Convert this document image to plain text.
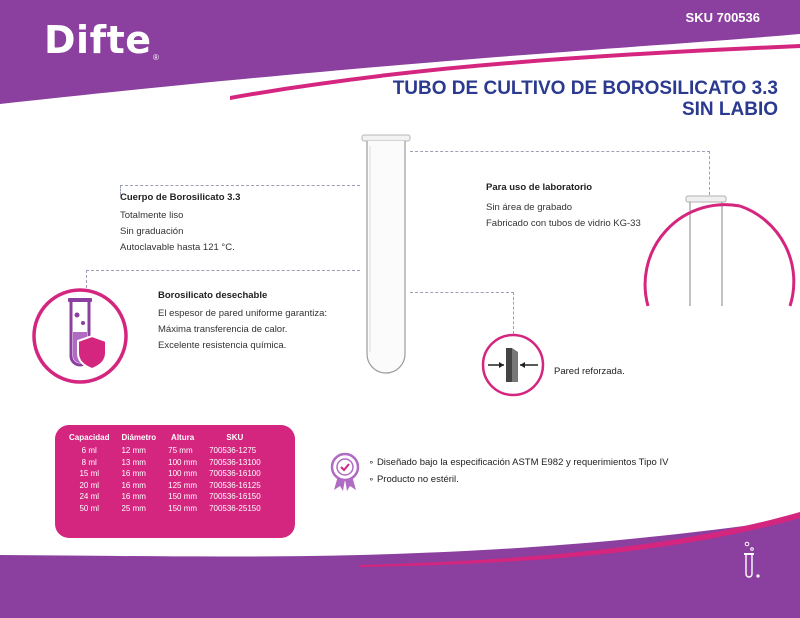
Difte ®
SKU 700536
TUBO DE CULTIVO DE BOROSILICATO 3.3
SIN LABIO
Cuerpo de Borosilicato 3.3
Totalmente liso
Sin graduación
Autoclavable hasta 121 °C.
Para uso de laboratorio
Sin área de grabado
Fabricado con tubos de vidrio KG-33
Borosilicato desechable
El espesor de pared uniforme garantiza:
Máxima transferencia de calor.
Excelente resistencia química.
Pared reforzada.
Capacidad	Diámetro	Altura	SKU
6 ml	12 mm	75 mm	700536-1275
8 ml	13 mm	100 mm	700536-13100
15 ml	16 mm	100 mm	700536-16100
20 ml	16 mm	125 mm	700536-16125
24 ml	16 mm	150 mm	700536-16150
50 ml	25 mm	150 mm	700536-25150
⚬ Diseñado bajo la especificación ASTM E982 y requerimientos Tipo IV
⚬ Producto no estéril.
